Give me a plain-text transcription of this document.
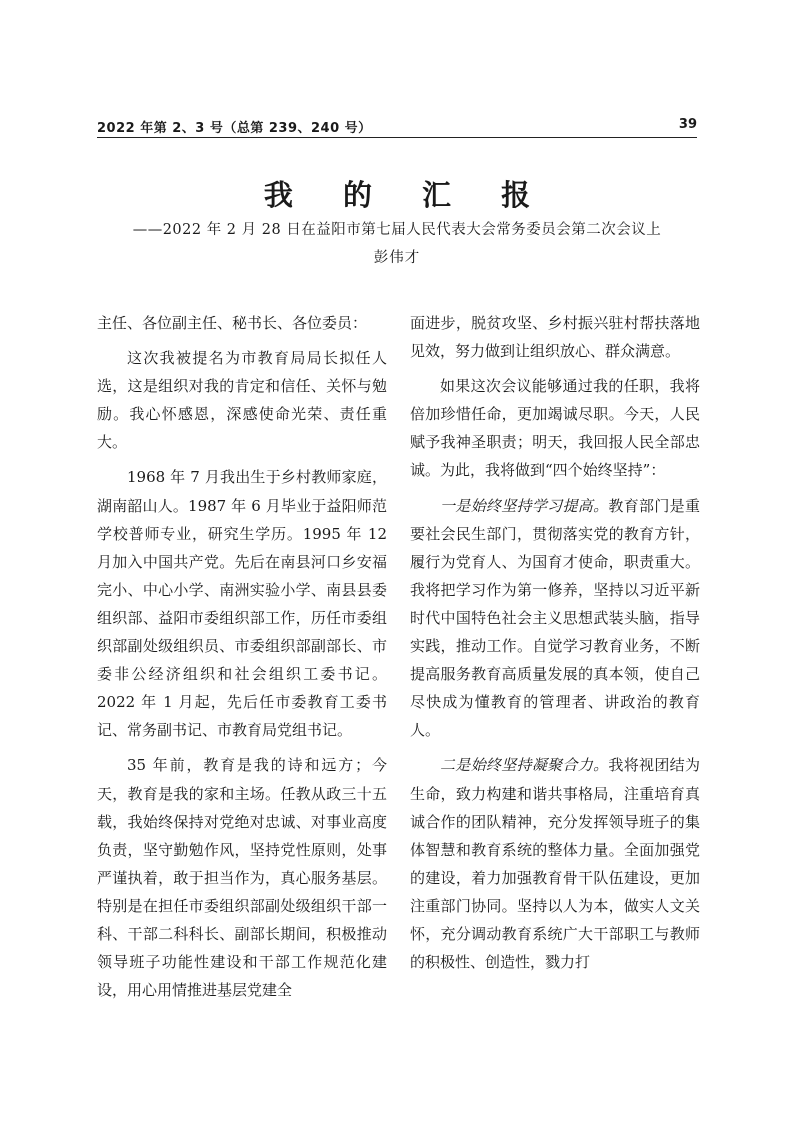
2022 年第 2、3 号（总第 239、240 号）	39
我 的 汇 报
——2022 年 2 月 28 日在益阳市第七届人民代表大会常务委员会第二次会议上
彭伟才

主任、各位副主任、秘书长、各位委员：

这次我被提名为市教育局局长拟任人选，这是组织对我的肯定和信任、关怀与勉励。我心怀感恩，深感使命光荣、责任重大。

1968 年 7 月我出生于乡村教师家庭，湖南韶山人。1987 年 6 月毕业于益阳师范学校普师专业，研究生学历。1995 年 12 月加入中国共产党。先后在南县河口乡安福完小、中心小学、南洲实验小学、南县县委组织部、益阳市委组织部工作，历任市委组织部副处级组织员、市委组织部副部长、市委非公经济组织和社会组织工委书记。2022 年 1 月起，先后任市委教育工委书记、常务副书记、市教育局党组书记。

35 年前，教育是我的诗和远方；今天，教育是我的家和主场。任教从政三十五载，我始终保持对党绝对忠诚、对事业高度负责，坚守勤勉作风，坚持党性原则，处事严谨执着，敢于担当作为，真心服务基层。特别是在担任市委组织部副处级组织干部一科、干部二科科长、副部长期间，积极推动领导班子功能性建设和干部工作规范化建设，用心用情推进基层党建全

面进步，脱贫攻坚、乡村振兴驻村帮扶落地见效，努力做到让组织放心、群众满意。

如果这次会议能够通过我的任职，我将倍加珍惜任命，更加竭诚尽职。今天，人民赋予我神圣职责；明天，我回报人民全部忠诚。为此，我将做到“四个始终坚持”：

一是始终坚持学习提高。教育部门是重要社会民生部门，贯彻落实党的教育方针，履行为党育人、为国育才使命，职责重大。我将把学习作为第一修养，坚持以习近平新时代中国特色社会主义思想武装头脑，指导实践，推动工作。自觉学习教育业务，不断提高服务教育高质量发展的真本领，使自己尽快成为懂教育的管理者、讲政治的教育人。

二是始终坚持凝聚合力。我将视团结为生命，致力构建和谐共事格局，注重培育真诚合作的团队精神，充分发挥领导班子的集体智慧和教育系统的整体力量。全面加强党的建设，着力加强教育骨干队伍建设，更加注重部门协同。坚持以人为本，做实人文关怀，充分调动教育系统广大干部职工与教师的积极性、创造性，戮力打
